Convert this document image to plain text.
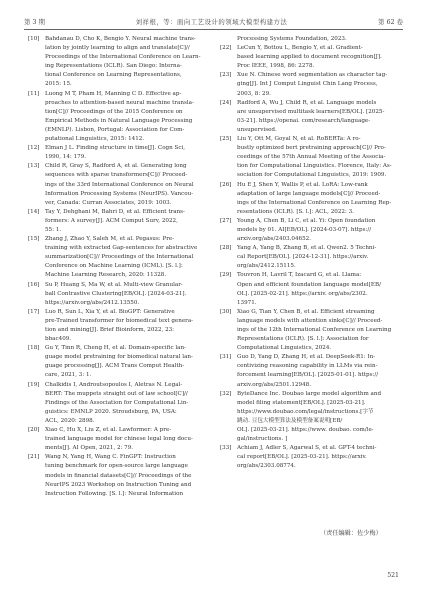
第 3 期	刘祥根，等：面向工艺设计的领域大模型构建方法	第 62 卷
[10] Bahdanau D, Cho K, Bengio Y. Neural machine trans-
lation by jointly learning to align and translate[C]//
Proceedings of the International Conference on Learn-
ing Representations (ICLR). San Diego: Interna-
tional Conference on Learning Representations,
2015: 15.
[11] Luong M T, Pham H, Manning C D. Effective ap-
proaches to attention-based neural machine transla-
tion[C]// Proceedings of the 2015 Conference on
Empirical Methods in Natural Language Processing
(EMNLP). Lisbon, Portugal: Association for Com-
putational Linguistics, 2015: 1412.
[12] Elman J L. Finding structure in time[J]. Cogn Sci,
1990, 14: 179.
[13] Child R, Gray S, Radford A, et al. Generating long
sequences with sparse transformers[C]// Proceed-
ings of the 33rd International Conference on Neural
Information Processing Systems (NeurIPS). Vancou-
ver, Canada: Curran Associates, 2019: 1003.
[14] Tay Y, Dehghani M, Bahri D, et al. Efficient trans-
formers: A survey[J]. ACM Comput Surv, 2022,
55: 1.
[15] Zhang J, Zhao Y, Saleh M, et al. Pegasus: Pre-
training with extracted Gap-sentences for abstractive
summarization[C]// Proceedings of the International
Conference on Machine Learning (ICML). [S. l.]:
Machine Learning Research, 2020: 11328.
[16] Su P, Huang S, Ma W, et al. Multi-view Granular-
ball Contrastive Clustering[EB/OL]. [2024-03-21].
https://arxiv.org/abs/2412.13550.
[17] Luo R, Sun L, Xia Y, et al. BioGPT: Generative
pre-Trained transformer for biomedical text genera-
tion and mining[J]. Brief Bioinform, 2022, 23:
bbac409.
[18] Gu Y, Tinn R, Cheng H, et al. Domain-specific lan-
guage model pretraining for biomedical natural lan-
guage processing[J]. ACM Trans Comput Health-
care, 2021, 3: 1.
[19] Chalkidis I, Androutsopoulos I, Aletras N. Legal-
BERT: The muppets straight out of law school[C]//
Findings of the Association for Computational Lin-
guistics: EMNLP 2020. Stroudsburg, PA, USA:
ACL, 2020: 2898.
[20] Xiao C, Hu X, Liu Z, et al. Lawformer: A pre-
trained language model for chinese legal long docu-
ments[J]. AI Open, 2021, 2: 79.
[21] Wang N, Yang H, Wang C. FinGPT: Instruction
tuning benchmark for open-source large language
models in financial datasets[C]// Proceedings of the
NeurIPS 2023 Workshop on Instruction Tuning and
Instruction Following. [S. l.]: Neural Information
Processing Systems Foundation, 2023.
[22] LeCun Y, Bottou L, Bengio Y, et al. Gradient-
based learning applied to document recognition[J].
Proc IEEE, 1998, 86: 2278.
[23] Xue N. Chinese word segmentation as character tag-
ging[J]. Int J Comput Linguist Chin Lang Process,
2003, 8: 29.
[24] Radford A, Wu J, Child R, et al. Language models
are unsupervised multitask learners[EB/OL]. [2025-
03-21]. https://openai. com/research/language-
unsupervised.
[25] Liu Y, Ott M, Goyal N, et al. RoBERTa: A ro-
bustly optimized bert pretraining approach[C]// Pro-
ceedings of the 57th Annual Meeting of the Associa-
tion for Computational Linguistics. Florence, Italy: As-
sociation for Computational Linguistics, 2019: 1909.
[26] Hu E J, Shen Y, Wallis P, et al. LoRA: Low-rank
adaptation of large language models[C]// Proceed-
ings of the International Conference on Learning Rep-
resentations (ICLR). [S. l.]: ACL, 2022: 3.
[27] Young A, Chen B, Li C, et al. Yi: Open foundation
models by 01. AI[EB/OL]. [2024-03-07]. https://
arxiv.org/abs/2403.04652.
[28] Yang A, Yang B, Zhang B, et al. Qwen2. 5 Techni-
cal Report[EB/OL]. [2024-12-31]. https://arxiv.
org/abs/2412.15115.
[29] Touvron H, Lavril T, Izacard G, et al. Llama:
Open and efficient foundation language model[EB/
OL]. [2025-02-21]. https://arxiv. org/abs/2302.
13971.
[30] Xiao G, Tian Y, Chen B, et al. Efficient streaming
language models with attention sinks[C]// Proceed-
ings of the 12th International Conference on Learning
Representations (ICLR). [S. l.]: Association for
Computational Linguistics, 2024.
[31] Guo D, Yang D, Zhang H, et al. DeepSeek-R1: In-
centivizing reasoning capability in LLMs via rein-
forcement learning[EB/OL]. [2025-01-01]. https://
arxiv.org/abs/2501.12948.
[32] ByteDance Inc. Doubao large model algorithm and
model filing statement[EB/OL]. [2025-03-21].
https://www.doubao.com/legal/instructions.[字节
跳动. 豆包大模型算法及模型备案说明[EB/
OL]. [2025-03-21]. https://www. doubao. com/le-
gal/instructions. ]
[33] Achiam J, Adler S, Agarwal S, et al. GPT-4 techni-
cal report[EB/OL]. [2025-03-21]. https://arxiv.
org/abs/2303.08774.
（责任编辑：佐少梅）
521
